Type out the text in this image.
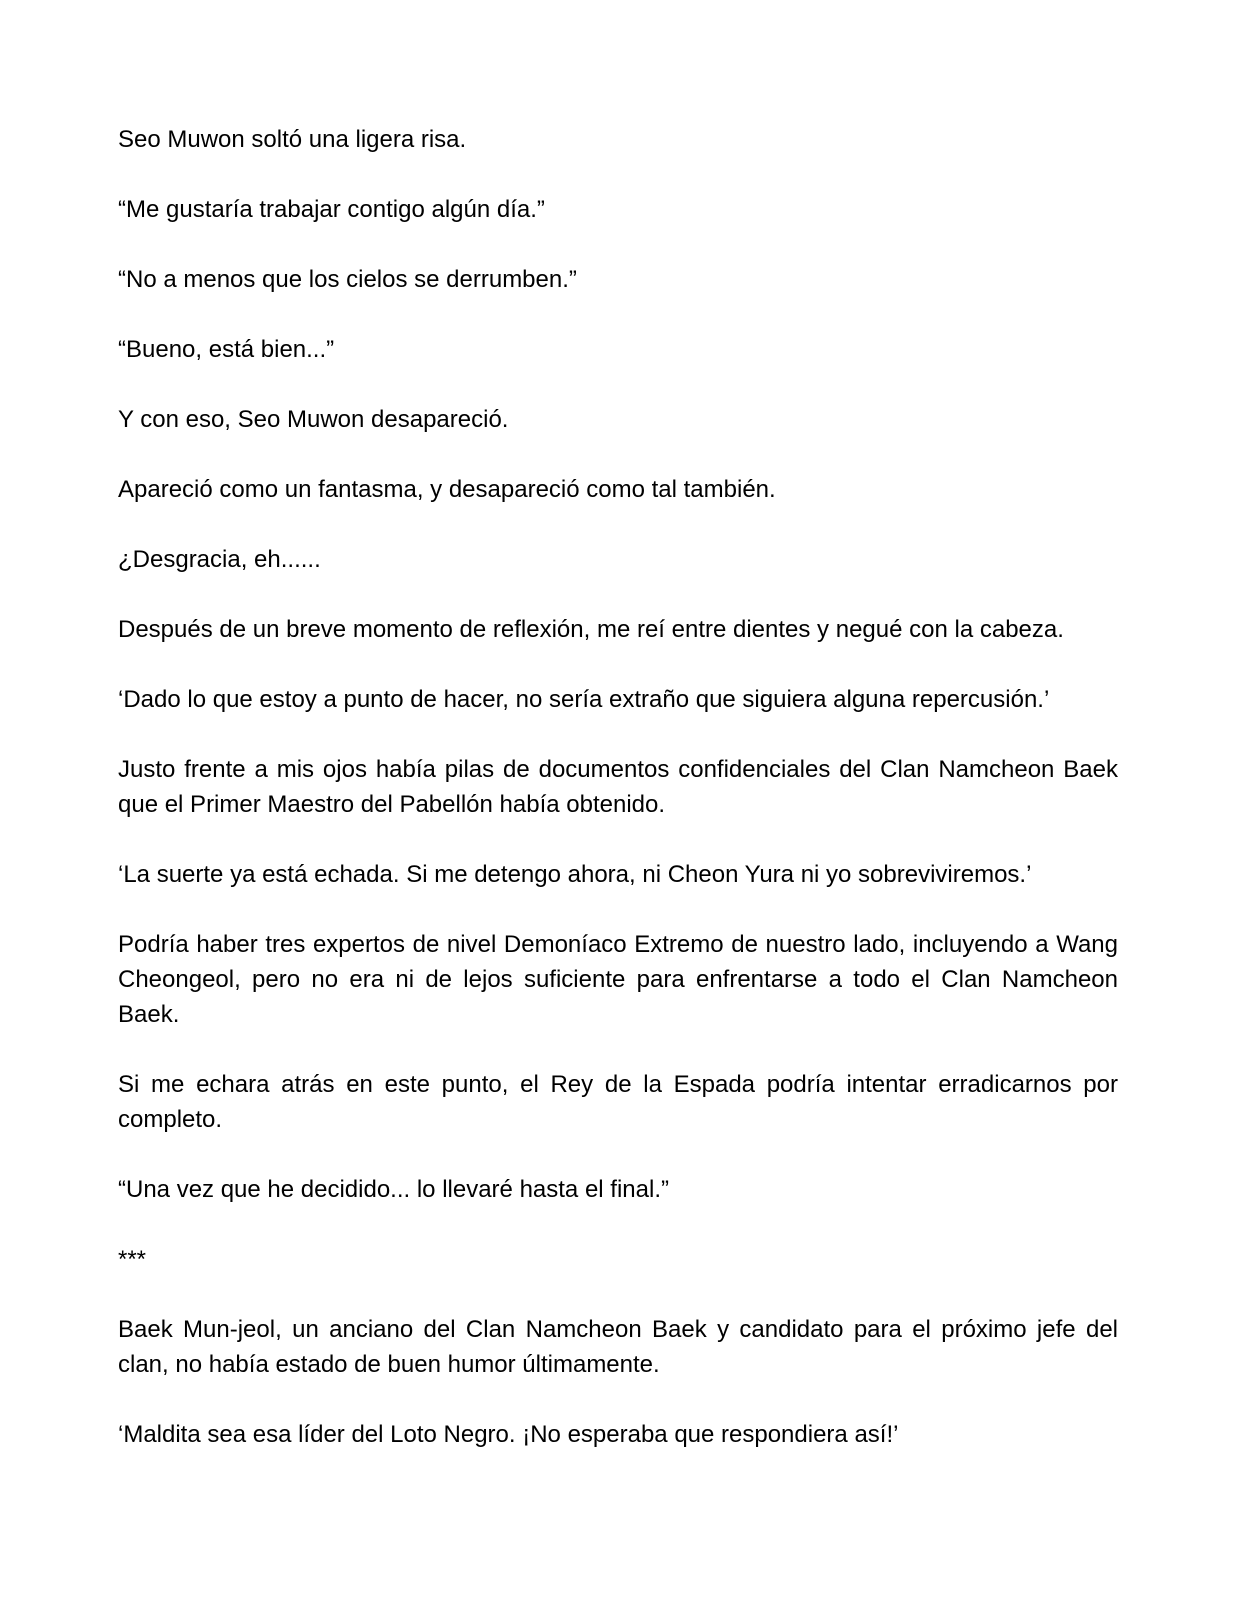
Seo Muwon soltó una ligera risa.

“Me gustaría trabajar contigo algún día.”

“No a menos que los cielos se derrumben.”

“Bueno, está bien...”

Y con eso, Seo Muwon desapareció.

Apareció como un fantasma, y desapareció como tal también.

¿Desgracia, eh......

Después de un breve momento de reflexión, me reí entre dientes y negué con la cabeza.

‘Dado lo que estoy a punto de hacer, no sería extraño que siguiera alguna repercusión.’

Justo frente a mis ojos había pilas de documentos confidenciales del Clan Namcheon Baek que el Primer Maestro del Pabellón había obtenido.

‘La suerte ya está echada. Si me detengo ahora, ni Cheon Yura ni yo sobreviviremos.’

Podría haber tres expertos de nivel Demoníaco Extremo de nuestro lado, incluyendo a Wang Cheongeol, pero no era ni de lejos suficiente para enfrentarse a todo el Clan Namcheon Baek.

Si me echara atrás en este punto, el Rey de la Espada podría intentar erradicarnos por completo.

“Una vez que he decidido... lo llevaré hasta el final.”

***

Baek Mun-jeol, un anciano del Clan Namcheon Baek y candidato para el próximo jefe del clan, no había estado de buen humor últimamente.

‘Maldita sea esa líder del Loto Negro. ¡No esperaba que respondiera así!’
